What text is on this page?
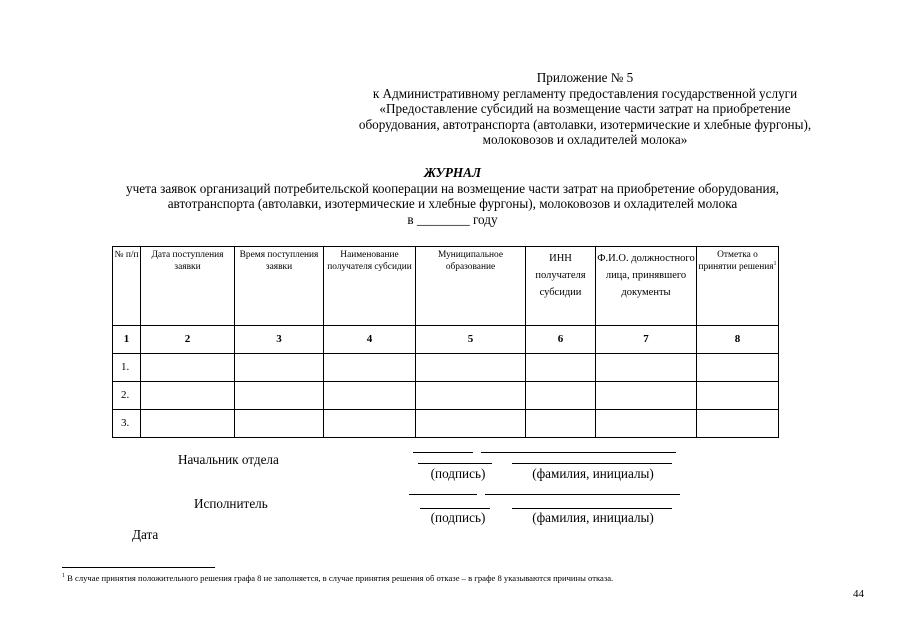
Приложение № 5
к Административному регламенту предоставления государственной услуги
«Предоставление субсидий на возмещение части затрат на приобретение
оборудования, автотранспорта (автолавки, изотермические и хлебные фургоны),
молоковозов и охладителей молока»
ЖУРНАЛ
учета заявок организаций потребительской кооперации на возмещение части затрат на приобретение оборудования,
автотранспорта (автолавки, изотермические и хлебные фургоны), молоковозов и охладителей молока
в ________ году
№ п/п	Дата поступления заявки	Время поступления заявки	Наименование получателя субсидии	Муниципальное образование	ИНН получателя субсидии	Ф.И.О. должностного лица, принявшего документы	Отметка о принятии решения$^1$
1	2	3	4	5	6	7	8
1.							
2.							
3.							
Начальник отдела
(подпись)	(фамилия, инициалы)
Исполнитель
(подпись)	(фамилия, инициалы)
Дата
$^1$ В случае принятия положительного решения графа 8 не заполняется, в случае принятия решения об отказе – в графе 8 указываются причины отказа.
44
